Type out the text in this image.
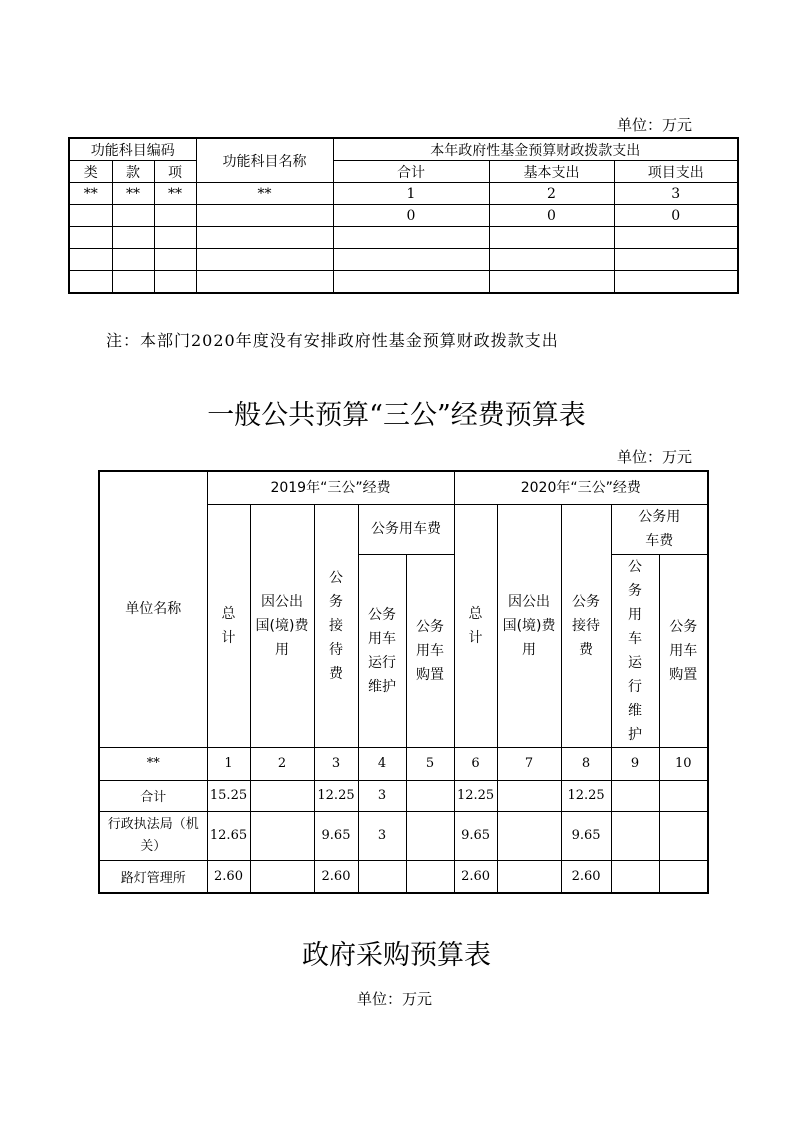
单位：万元
功能科目编码			功能科目名称	本年政府性基金预算财政拨款支出		
类	款	项		合计	基本支出	项目支出
**	**	**	**	1	2	3
				0	0	0

注：本部门2020年度没有安排政府性基金预算财政拨款支出
一般公共预算“三公”经费预算表
单位：万元
单位名称	2019年“三公”经费					2020年“三公”经费				
	总计	因公出国(境)费用	公务接待费	公务用车费		总计	因公出国(境)费用	公务接待费	公务用车费	
				公务用车运行维护	公务用车购置				公务用车运行维护	公务用车购置
**	1	2	3	4	5	6	7	8	9	10
合计	15.25		12.25	3		12.25		12.25		
行政执法局（机关）	12.65		9.65	3		9.65		9.65		
路灯管理所	2.60		2.60			2.60		2.60		
政府采购预算表
单位：万元
